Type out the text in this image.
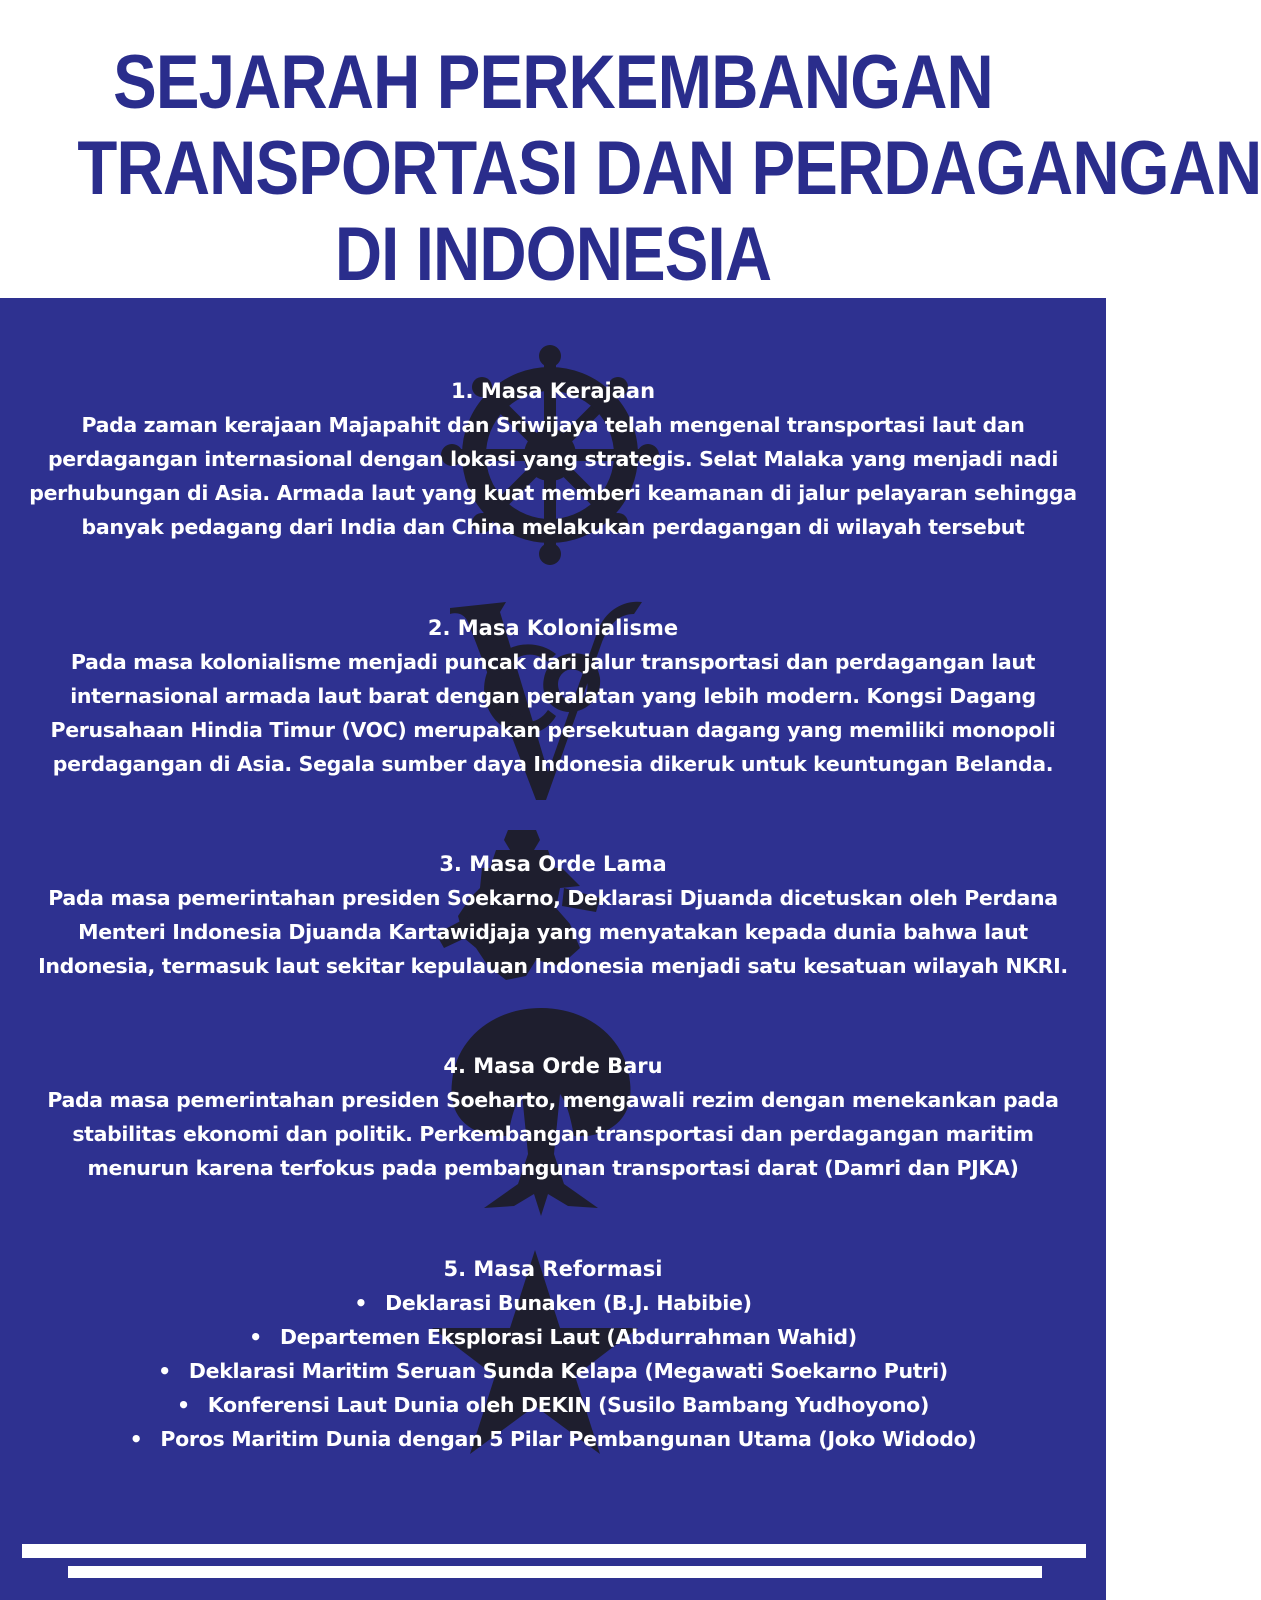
SEJARAH PERKEMBANGAN
TRANSPORTASI DAN PERDAGANGAN
DI INDONESIA

1. Masa Kerajaan

Pada zaman kerajaan Majapahit dan Sriwijaya telah mengenal transportasi laut dan
perdagangan internasional dengan lokasi yang strategis. Selat Malaka yang menjadi nadi
perhubungan di Asia. Armada laut yang kuat memberi keamanan di jalur pelayaran sehingga
banyak pedagang dari India dan China melakukan perdagangan di wilayah tersebut

2. Masa Kolonialisme

Pada masa kolonialisme menjadi puncak dari jalur transportasi dan perdagangan laut
internasional armada laut barat dengan peralatan yang lebih modern. Kongsi Dagang
Perusahaan Hindia Timur (VOC) merupakan persekutuan dagang yang memiliki monopoli
perdagangan di Asia. Segala sumber daya Indonesia dikeruk untuk keuntungan Belanda.

3. Masa Orde Lama

Pada masa pemerintahan presiden Soekarno, Deklarasi Djuanda dicetuskan oleh Perdana
Menteri Indonesia Djuanda Kartawidjaja yang menyatakan kepada dunia bahwa laut
Indonesia, termasuk laut sekitar kepulauan Indonesia menjadi satu kesatuan wilayah NKRI.

4. Masa Orde Baru

Pada masa pemerintahan presiden Soeharto, mengawali rezim dengan menekankan pada
stabilitas ekonomi dan politik. Perkembangan transportasi dan perdagangan maritim
menurun karena terfokus pada pembangunan transportasi darat (Damri dan PJKA)

5. Masa Reformasi

• Deklarasi Bunaken (B.J. Habibie)
• Departemen Eksplorasi Laut (Abdurrahman Wahid)
• Deklarasi Maritim Seruan Sunda Kelapa (Megawati Soekarno Putri)
• Konferensi Laut Dunia oleh DEKIN (Susilo Bambang Yudhoyono)
• Poros Maritim Dunia dengan 5 Pilar Pembangunan Utama (Joko Widodo)
